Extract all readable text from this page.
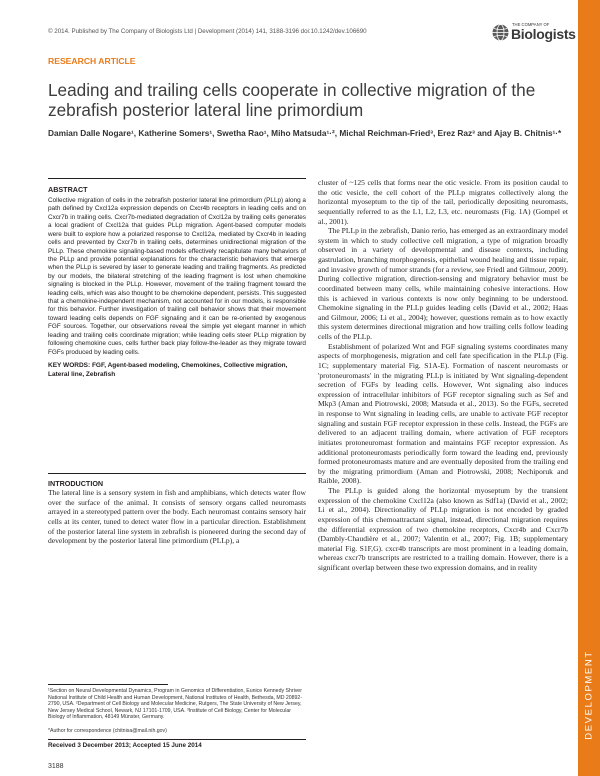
© 2014. Published by The Company of Biologists Ltd | Development (2014) 141, 3188-3196 doi:10.1242/dev.106690
THE COMPANY OF
Biologists
DEVELOPMENT
RESEARCH ARTICLE
Leading and trailing cells cooperate in collective migration of the zebrafish posterior lateral line primordium
Damian Dalle Nogare¹, Katherine Somers¹, Swetha Rao¹, Miho Matsuda¹·², Michal Reichman-Fried³, Erez Raz³ and Ajay B. Chitnis¹·*
ABSTRACT

Collective migration of cells in the zebrafish posterior lateral line primordium (PLLp) along a path defined by Cxcl12a expression depends on Cxcr4b receptors in leading cells and on Cxcr7b in trailing cells. Cxcr7b-mediated degradation of Cxcl12a by trailing cells generates a local gradient of Cxcl12a that guides PLLp migration. Agent-based computer models were built to explore how a polarized response to Cxcl12a, mediated by Cxcr4b in leading cells and prevented by Cxcr7b in trailing cells, determines unidirectional migration of the PLLp. These chemokine signaling-based models effectively recapitulate many behaviors of the PLLp and provide potential explanations for the characteristic behaviors that emerge when the PLLp is severed by laser to generate leading and trailing fragments. As predicted by our models, the bilateral stretching of the leading fragment is lost when chemokine signaling is blocked in the PLLp. However, movement of the trailing fragment toward the leading cells, which was also thought to be chemokine dependent, persists. This suggested that a chemokine-independent mechanism, not accounted for in our models, is responsible for this behavior. Further investigation of trailing cell behavior shows that their movement toward leading cells depends on FGF signaling and it can be re-oriented by exogenous FGF sources. Together, our observations reveal the simple yet elegant manner in which leading and trailing cells coordinate migration; while leading cells steer PLLp migration by following chemokine cues, cells further back play follow-the-leader as they migrate toward FGFs produced by leading cells.

KEY WORDS: FGF, Agent-based modeling, Chemokines, Collective migration, Lateral line, Zebrafish

INTRODUCTION

The lateral line is a sensory system in fish and amphibians, which detects water flow over the surface of the animal. It consists of sensory organs called neuromasts arrayed in a stereotyped pattern over the body. Each neuromast contains sensory hair cells at its center, tuned to detect water flow in a particular direction. Establishment of the posterior lateral line system in zebrafish is pioneered during the second day of development by the posterior lateral line primordium (PLLp), a

¹Section on Neural Developmental Dynamics, Program in Genomics of Differentiation, Eunice Kennedy Shriver National Institute of Child Health and Human Development, National Institutes of Health, Bethesda, MD 20892-2790, USA. ²Department of Cell Biology and Molecular Medicine, Rutgers, The State University of New Jersey, New Jersey Medical School, Newark, NJ 17101-1709, USA. ³Institute of Cell Biology, Center for Molecular Biology of Inflammation, 48149 Münster, Germany.

*Author for correspondence (chitnisa@mail.nih.gov)
Received 3 December 2013; Accepted 15 June 2014
3188

cluster of ~125 cells that forms near the otic vesicle. From its position caudal to the otic vesicle, the cell cohort of the PLLp migrates collectively along the horizontal myoseptum to the tip of the tail, periodically depositing neuromasts, sequentially referred to as the L1, L2, L3, etc. neuromasts (Fig. 1A) (Gompel et al., 2001).

The PLLp in the zebrafish, Danio rerio, has emerged as an extraordinary model system in which to study collective cell migration, a type of migration broadly observed in a variety of developmental and disease contexts, including gastrulation, branching morphogenesis, epithelial wound healing and tissue repair, and invasive growth of tumor strands (for a review, see Friedl and Gilmour, 2009). During collective migration, direction-sensing and migratory behavior must be coordinated between many cells, while maintaining cohesive interactions. How this is achieved in various contexts is now only beginning to be understood. Chemokine signaling in the PLLp guides leading cells (David et al., 2002; Haas and Gilmour, 2006; Li et al., 2004); however, questions remain as to how exactly this system determines directional migration and how trailing cells follow leading cells of the PLLp.

Establishment of polarized Wnt and FGF signaling systems coordinates many aspects of morphogenesis, migration and cell fate specification in the PLLp (Fig. 1C; supplementary material Fig. S1A-E). Formation of nascent neuromasts or 'protoneuromasts' in the migrating PLLp is initiated by Wnt signaling-dependent secretion of FGFs by leading cells. However, Wnt signaling also induces expression of intracellular inhibitors of FGF receptor signaling such as Sef and Mkp3 (Aman and Piotrowski, 2008; Matsuda et al., 2013). So the FGFs, secreted in response to Wnt signaling in leading cells, are unable to activate FGF receptor signaling and sustain FGF receptor expression in these cells. Instead, the FGFs are delivered to an adjacent trailing domain, where activation of FGF receptors initiates protoneuromast formation and maintains FGF receptor expression. As additional protoneuromasts periodically form toward the leading end, previously formed protoneuromasts mature and are eventually deposited from the trailing end by the migrating primordium (Aman and Piotrowski, 2008; Nechiporuk and Raible, 2008).

The PLLp is guided along the horizontal myoseptum by the transient expression of the chemokine Cxcl12a (also known as Sdf1a) (David et al., 2002; Li et al., 2004). Directionality of PLLp migration is not encoded by graded expression of this chemoattractant signal, instead, directional migration requires the differential expression of two chemokine receptors, Cxcr4b and Cxcr7b (Dambly-Chaudière et al., 2007; Valentin et al., 2007; Fig. 1B; supplementary material Fig. S1F,G). cxcr4b transcripts are most prominent in a leading domain, whereas cxcr7b transcripts are restricted to a trailing domain. However, there is a significant overlap between these two expression domains, and in reality
